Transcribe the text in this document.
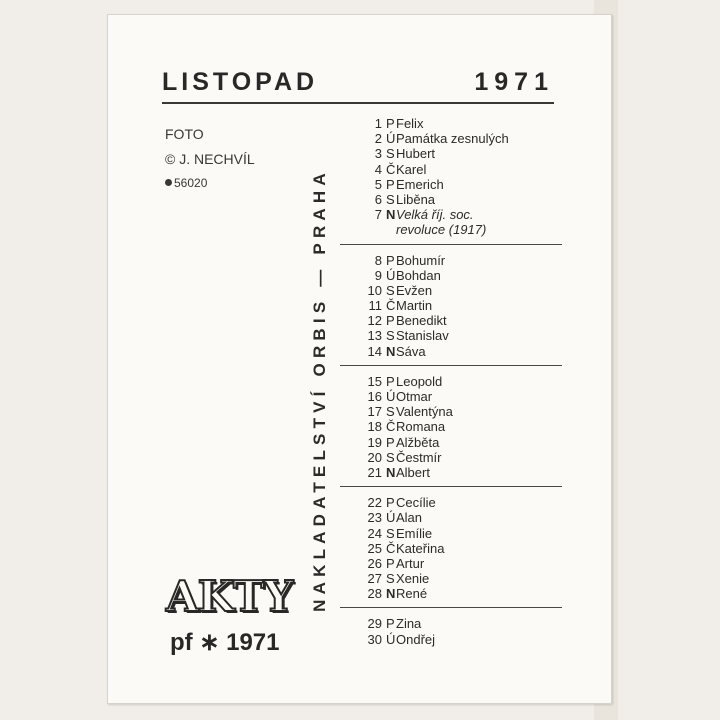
LISTOPAD	1971
FOTO
© J. NECHVÍL
56020	NAKLADATELSTVÍ ORBIS — PRAHA
1 P Felix
2 Ú Památka zesnulých
3 S Hubert
4 Č Karel
5 P Emerich
6 S Liběna
7 N Velká říj. soc.
revoluce (1917)
8 P Bohumír
9 Ú Bohdan
10 S Evžen
11 Č Martin
12 P Benedikt
13 S Stanislav
14 N Sáva
15 P Leopold
16 Ú Otmar
17 S Valentýna
18 Č Romana
19 P Alžběta
20 S Čestmír
21 N Albert
22 P Cecílie
23 Ú Alan
24 S Emílie
25 Č Kateřina
26 P Artur
27 S Xenie
28 N René
29 P Zina
30 Ú Ondřej
AKTY
pf ∗ 1971
